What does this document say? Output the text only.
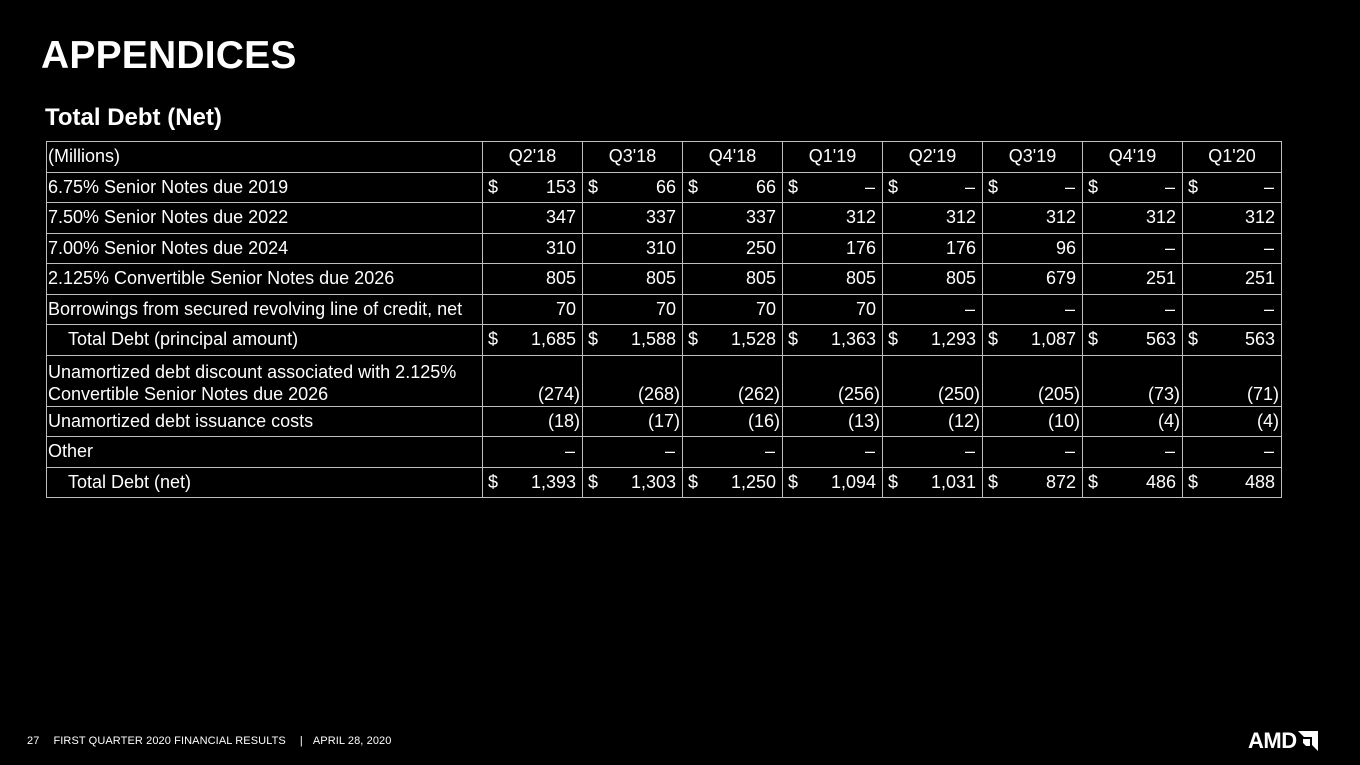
APPENDICES
Total Debt (Net)
(Millions)	Q2'18	Q3'18	Q4'18	Q1'19	Q2'19	Q3'19	Q4'19	Q1'20
6.75% Senior Notes due 2019	$ 153	$ 66	$ 66	$ –	$ –	$ –	$ –	$ –

7.50% Senior Notes due 2022	347	337	337	312	312	312	312	312

7.00% Senior Notes due 2024	310	310	250	176	176	96	–	–

2.125% Convertible Senior Notes due 2026	805	805	805	805	805	679	251	251

Borrowings from secured revolving line of credit, net	70	70	70	70	–	–	–	–

Total Debt (principal amount)	$ 1,685	$ 1,588	$ 1,528	$ 1,363	$ 1,293	$ 1,087	$ 563	$ 563

Unamortized debt discount associated with 2.125% Convertible Senior Notes due 2026	(274)	(268)	(262)	(256)	(250)	(205)	(73)	(71)

Unamortized debt issuance costs	(18)	(17)	(16)	(13)	(12)	(10)	(4)	(4)

Other	–	–	–	–	–	–	–	–

Total Debt (net)	$ 1,393	$ 1,303	$ 1,250	$ 1,094	$ 1,031	$ 872	$ 486	$ 488
27 FIRST QUARTER 2020 FINANCIAL RESULTS | APRIL 28, 2020	AMD
